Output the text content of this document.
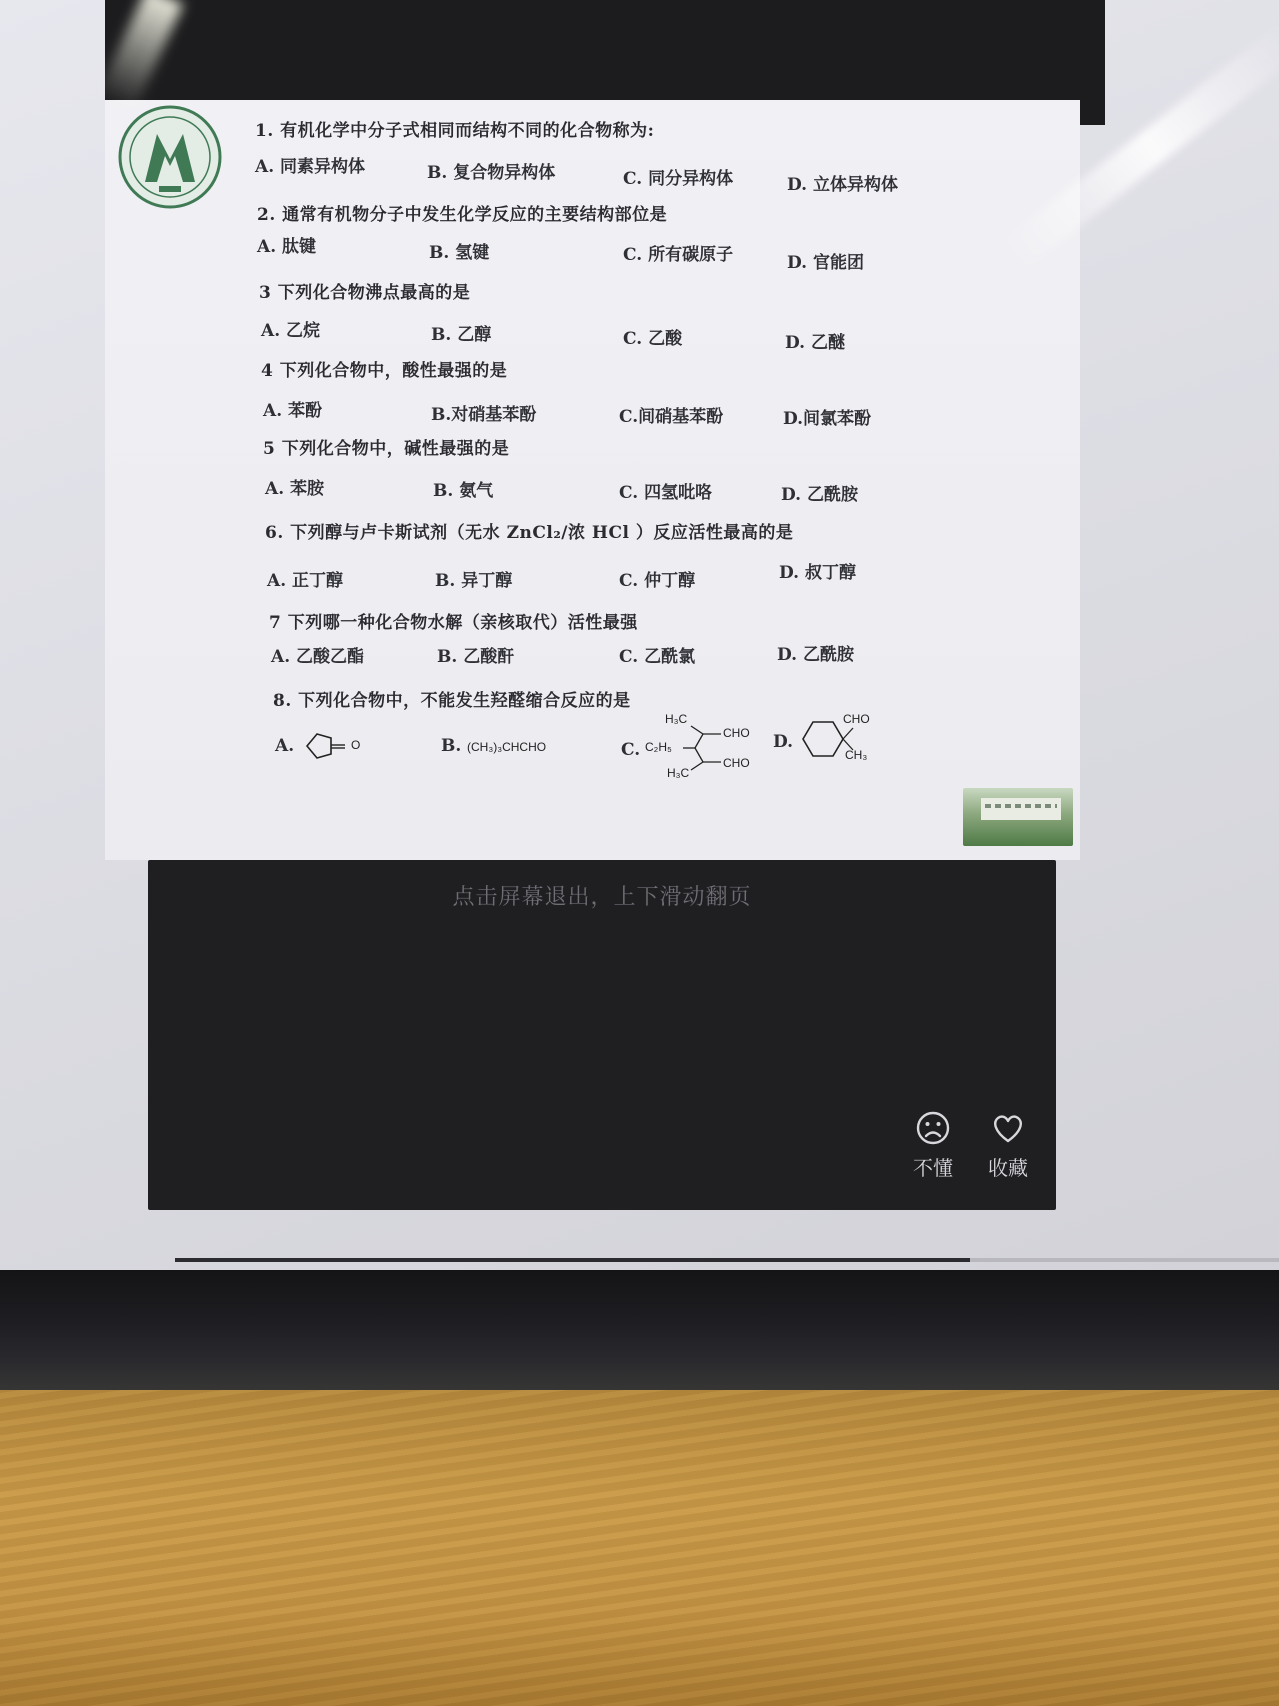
1. 有机化学中分子式相同而结构不同的化合物称为:
A. 同素异构体	B. 复合物异构体	C. 同分异构体	D. 立体异构体
2. 通常有机物分子中发生化学反应的主要结构部位是
A. 肽键	B. 氢键	C. 所有碳原子	D. 官能团
3 下列化合物沸点最高的是
A. 乙烷	B. 乙醇	C. 乙酸	D. 乙醚
4 下列化合物中，酸性最强的是
A. 苯酚	B.对硝基苯酚	C.间硝基苯酚	D.间氯苯酚
5 下列化合物中，碱性最强的是
A. 苯胺	B. 氨气	C. 四氢吡咯	D. 乙酰胺
6. 下列醇与卢卡斯试剂（无水 ZnCl₂/浓 HCl ）反应活性最高的是
A. 正丁醇	B. 异丁醇	C. 仲丁醇	D. 叔丁醇
7 下列哪一种化合物水解（亲核取代）活性最强
A. 乙酸乙酯	B. 乙酸酐	C. 乙酰氯	D. 乙酰胺
8. 下列化合物中，不能发生羟醛缩合反应的是
A.	O	B. (CH₃)₃CHCHO	C.
H₃C
CHO
C₂H₅
H₃C
CHO
D.
CHO
CH₃
点击屏幕退出，上下滑动翻页
不懂	收藏
